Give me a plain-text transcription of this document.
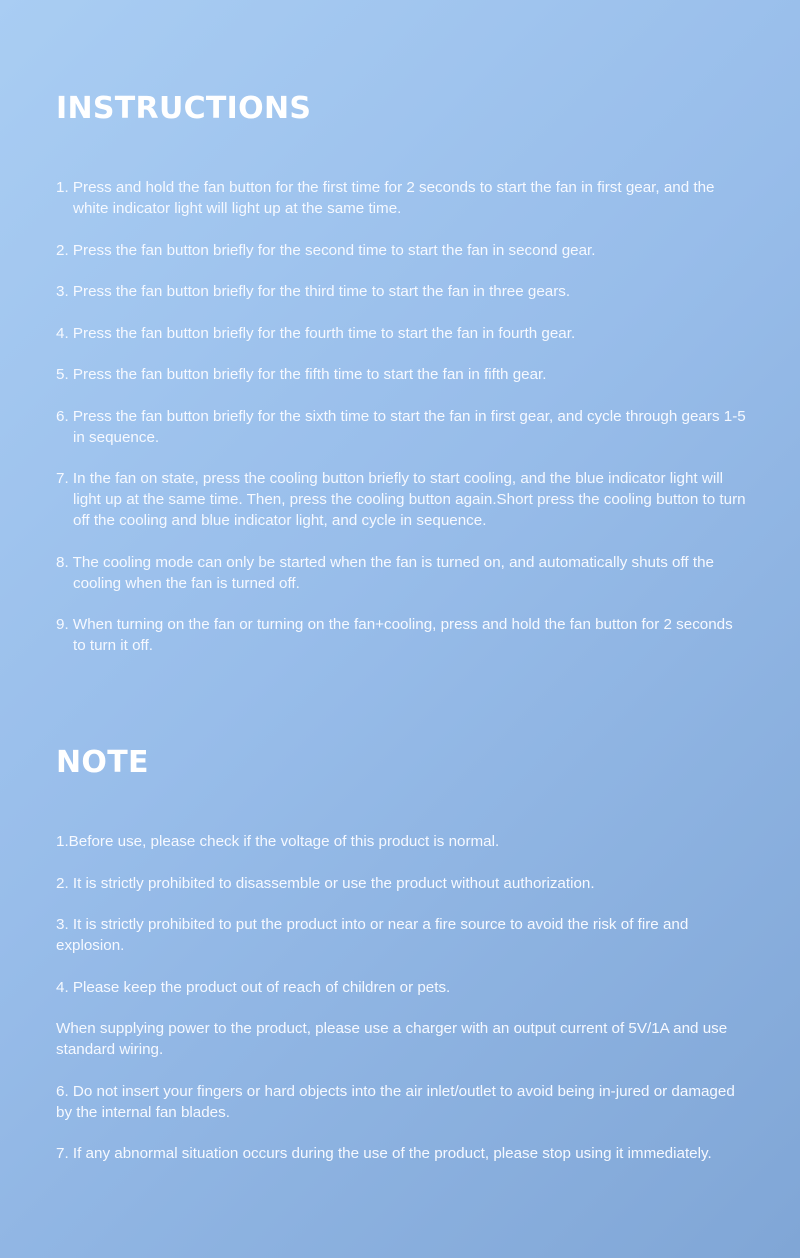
INSTRUCTIONS
1. Press and hold the fan button for the first time for 2 seconds to start the fan in first gear, and the white indicator light will light up at the same time.
2. Press the fan button briefly for the second time to start the fan in second gear.
3. Press the fan button briefly for the third time to start the fan in three gears.
4. Press the fan button briefly for the fourth time to start the fan in fourth gear.
5. Press the fan button briefly for the fifth time to start the fan in fifth gear.
6. Press the fan button briefly for the sixth time to start the fan in first gear, and cycle through gears 1-5 in sequence.
7. In the fan on state, press the cooling button briefly to start cooling, and the blue indicator light will light up at the same time. Then, press the cooling button again.Short press the cooling button to turn off the cooling and blue indicator light, and cycle in sequence.
8. The cooling mode can only be started when the fan is turned on, and automatically shuts off the cooling when the fan is turned off.
9. When turning on the fan or turning on the fan+cooling, press and hold the fan button for 2 seconds to turn it off.
NOTE
1.Before use, please check if the voltage of this product is normal.
2. It is strictly prohibited to disassemble or use the product without authorization.
3. It is strictly prohibited to put the product into or near a fire source to avoid the risk of fire and explosion.
4. Please keep the product out of reach of children or pets.
When supplying power to the product, please use a charger with an output current of 5V/1A and use standard wiring.
6. Do not insert your fingers or hard objects into the air inlet/outlet to avoid being in-jured or damaged by the internal fan blades.
7. If any abnormal situation occurs during the use of the product, please stop using it immediately.
